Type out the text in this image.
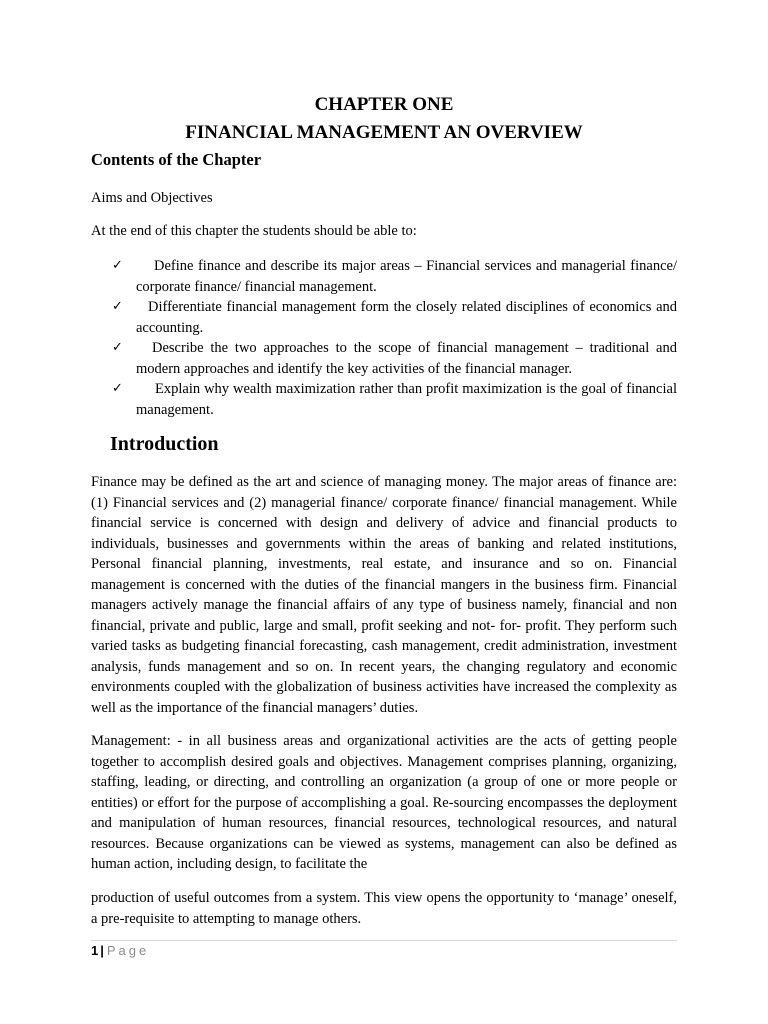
CHAPTER ONE
FINANCIAL MANAGEMENT AN OVERVIEW
Contents of the Chapter
Aims and Objectives
At the end of this chapter the students should be able to:
✓	Define finance and describe its major areas – Financial services and managerial finance/ corporate finance/ financial management.
✓	Differentiate financial management form the closely related disciplines of economics and accounting.
✓	Describe the two approaches to the scope of financial management – traditional and modern approaches and identify the key activities of the financial manager.
✓	Explain why wealth maximization rather than profit maximization is the goal of financial management.
Introduction

Finance may be defined as the art and science of managing money. The major areas of finance are: (1) Financial services and (2) managerial finance/ corporate finance/ financial management. While financial service is concerned with design and delivery of advice and financial products to individuals, businesses and governments within the areas of banking and related institutions, Personal financial planning, investments, real estate, and insurance and so on. Financial management is concerned with the duties of the financial mangers in the business firm. Financial managers actively manage the financial affairs of any type of business namely, financial and non financial, private and public, large and small, profit seeking and not- for- profit. They perform such varied tasks as budgeting financial forecasting, cash management, credit administration, investment analysis, funds management and so on. In recent years, the changing regulatory and economic environments coupled with the globalization of business activities have increased the complexity as well as the importance of the financial managers’ duties.

Management: - in all business areas and organizational activities are the acts of getting people together to accomplish desired goals and objectives. Management comprises planning, organizing, staffing, leading, or directing, and controlling an organization (a group of one or more people or entities) or effort for the purpose of accomplishing a goal. Re-sourcing encompasses the deployment and manipulation of human resources, financial resources, technological resources, and natural resources. Because organizations can be viewed as systems, management can also be defined as human action, including design, to facilitate the

production of useful outcomes from a system. This view opens the opportunity to ‘manage’ oneself, a pre-requisite to attempting to manage others.

1 | Page
